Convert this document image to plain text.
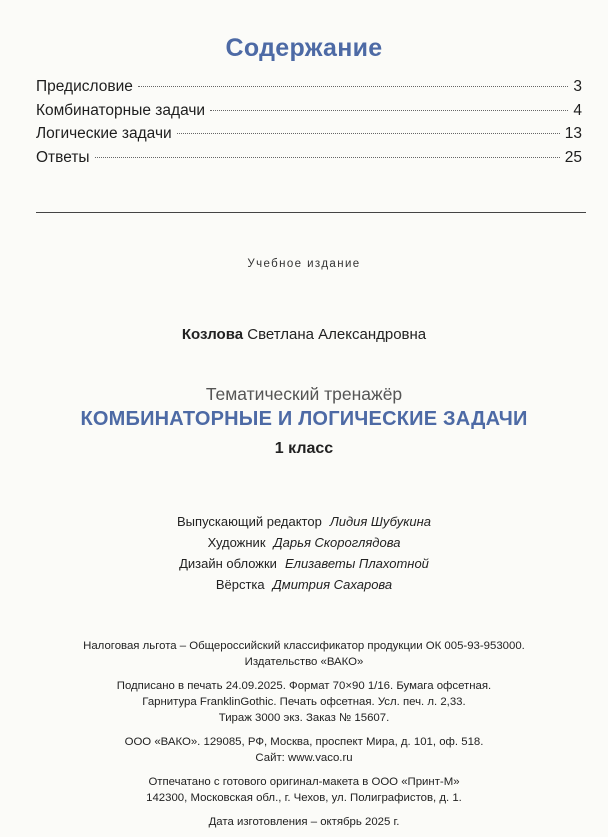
Содержание
Предисловие	3
Комбинаторные задачи	4
Логические задачи	13
Ответы	25
Учебное издание
Козлова Светлана Александровна
Тематический тренажёр
КОМБИНАТОРНЫЕ И ЛОГИЧЕСКИЕ ЗАДАЧИ
1 класс
Выпускающий редактор Лидия Шубукина
Художник Дарья Скороглядова
Дизайн обложки Елизаветы Плахотной
Вёрстка Дмитрия Сахарова
Налоговая льгота – Общероссийский классификатор продукции ОК 005-93-953000.
Издательство «ВАКО»
Подписано в печать 24.09.2025. Формат 70×90 1/16. Бумага офсетная.
Гарнитура FranklinGothic. Печать офсетная. Усл. печ. л. 2,33.
Тираж 3000 экз. Заказ № 15607.
ООО «ВАКО». 129085, РФ, Москва, проспект Мира, д. 101, оф. 518.
Сайт: www.vaco.ru
Отпечатано с готового оригинал-макета в ООО «Принт-М»
142300, Московская обл., г. Чехов, ул. Полиграфистов, д. 1.
Дата изготовления – октябрь 2025 г.
